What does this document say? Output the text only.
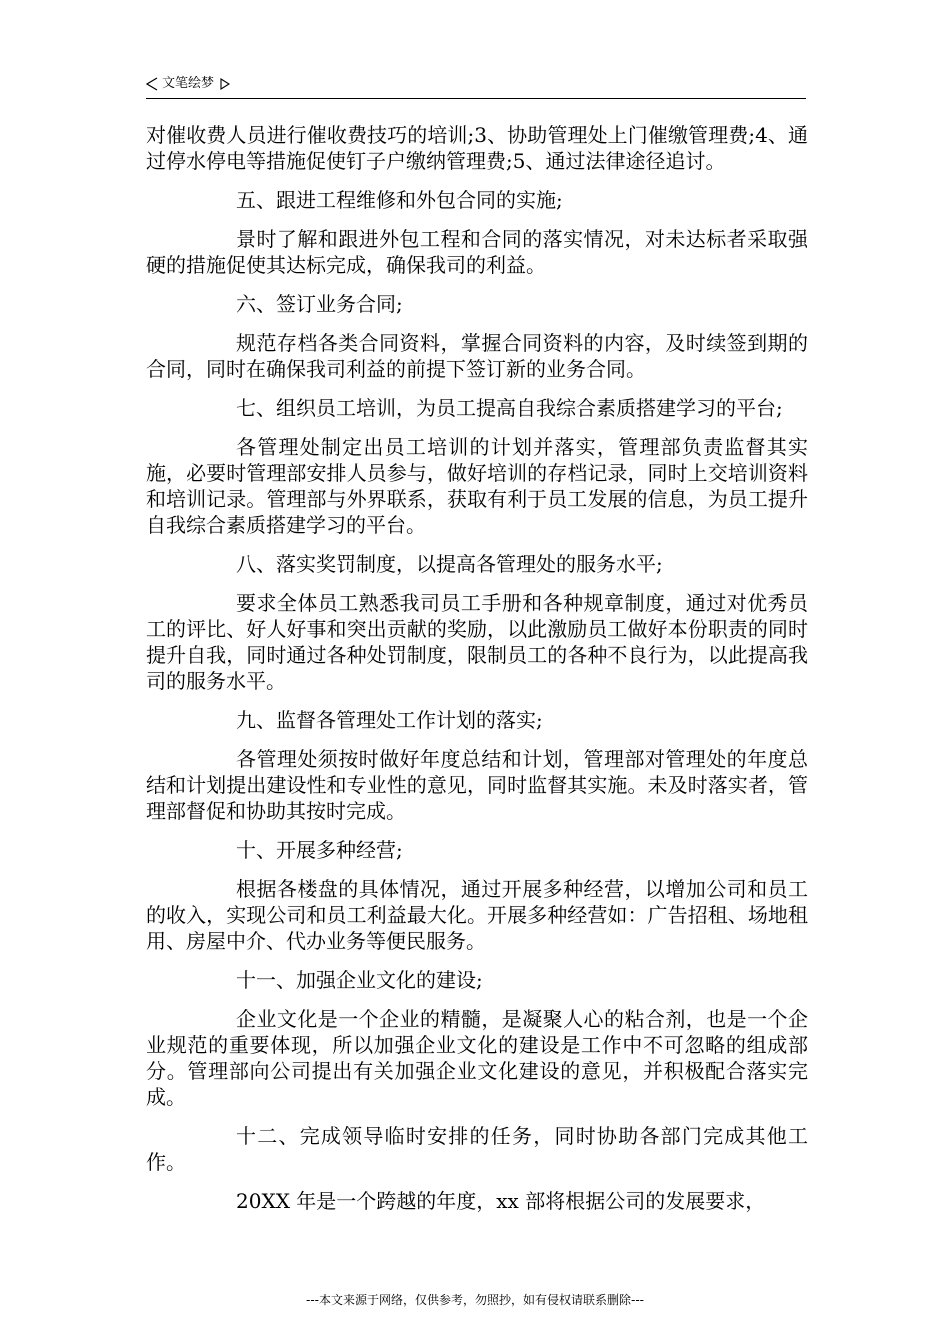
文笔绘梦

对催收费人员进行催收费技巧的培训;3、协助管理处上门催缴管理费;4、通过停水停电等措施促使钉子户缴纳管理费;5、通过法律途径追讨。

五、跟进工程维修和外包合同的实施;

景时了解和跟进外包工程和合同的落实情况，对未达标者采取强硬的措施促使其达标完成，确保我司的利益。

六、签订业务合同;

规范存档各类合同资料，掌握合同资料的内容，及时续签到期的合同，同时在确保我司利益的前提下签订新的业务合同。

七、组织员工培训，为员工提高自我综合素质搭建学习的平台;

各管理处制定出员工培训的计划并落实，管理部负责监督其实施，必要时管理部安排人员参与，做好培训的存档记录，同时上交培训资料和培训记录。管理部与外界联系，获取有利于员工发展的信息，为员工提升自我综合素质搭建学习的平台。

八、落实奖罚制度，以提高各管理处的服务水平;

要求全体员工熟悉我司员工手册和各种规章制度，通过对优秀员工的评比、好人好事和突出贡献的奖励，以此激励员工做好本份职责的同时提升自我，同时通过各种处罚制度，限制员工的各种不良行为，以此提高我司的服务水平。

九、监督各管理处工作计划的落实;

各管理处须按时做好年度总结和计划，管理部对管理处的年度总结和计划提出建设性和专业性的意见，同时监督其实施。未及时落实者，管理部督促和协助其按时完成。

十、开展多种经营;

根据各楼盘的具体情况，通过开展多种经营，以增加公司和员工的收入，实现公司和员工利益最大化。开展多种经营如：广告招租、场地租用、房屋中介、代办业务等便民服务。

十一、加强企业文化的建设;

企业文化是一个企业的精髓，是凝聚人心的粘合剂，也是一个企业规范的重要体现，所以加强企业文化的建设是工作中不可忽略的组成部分。管理部向公司提出有关加强企业文化建设的意见，并积极配合落实完成。

十二、完成领导临时安排的任务，同时协助各部门完成其他工作。

20XX 年是一个跨越的年度，xx 部将根据公司的发展要求，

---本文来源于网络，仅供参考，勿照抄，如有侵权请联系删除---
